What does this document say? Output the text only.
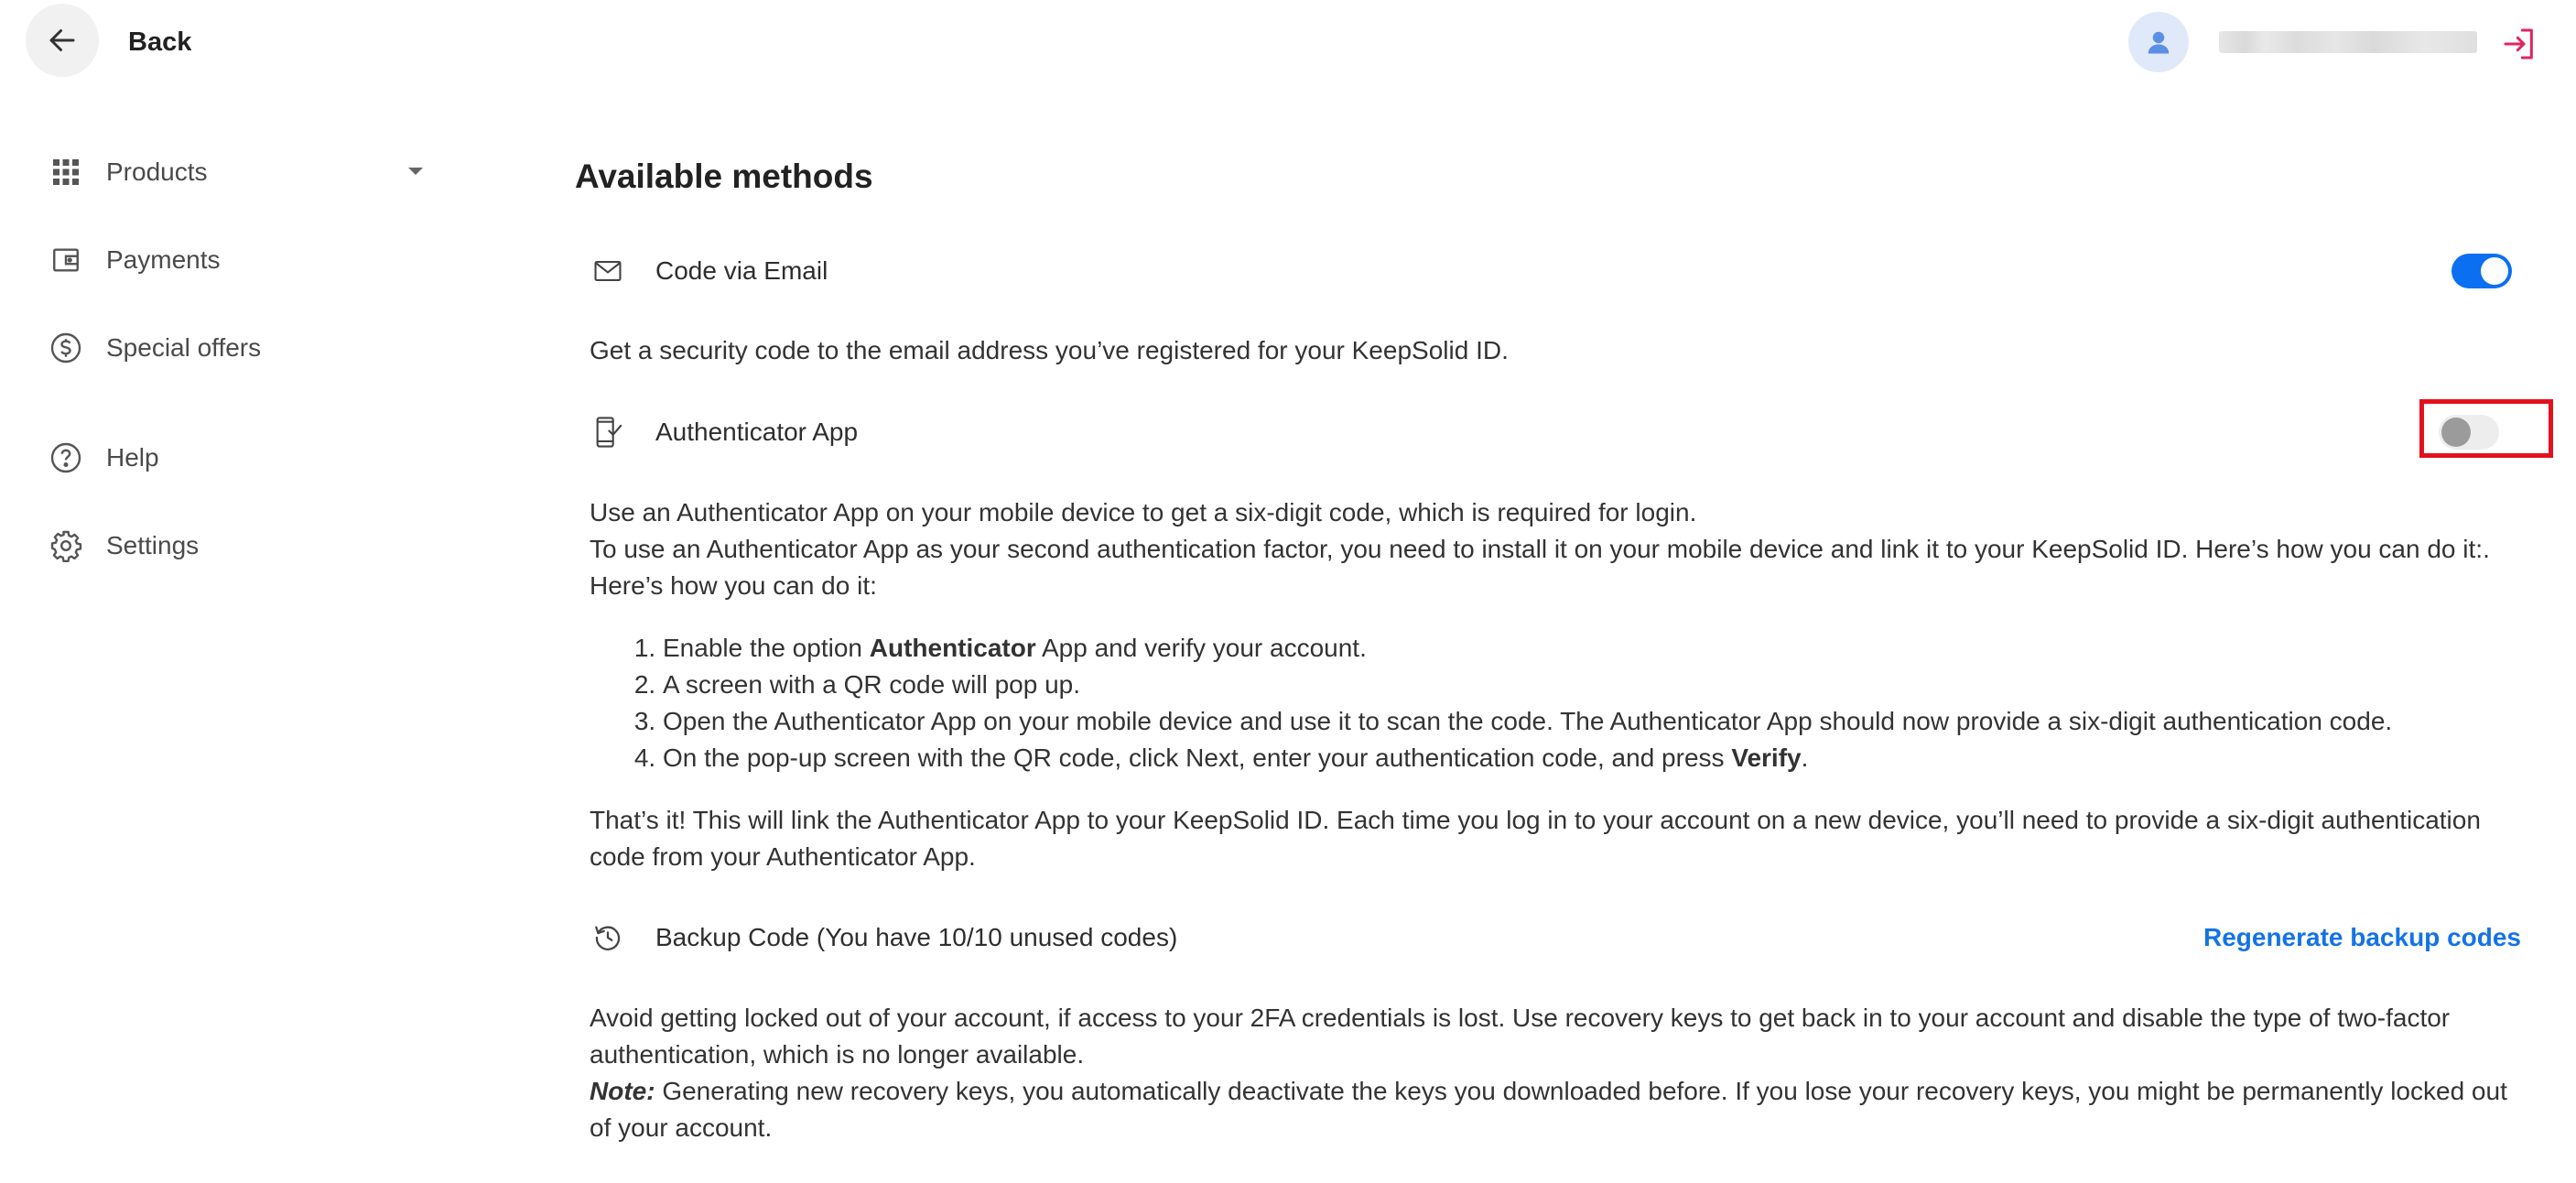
Back
Products
Payments
Special offers
Help
Settings
Available methods
Code via Email
Get a security code to the email address you’ve registered for your KeepSolid ID.
Authenticator App

Use an Authenticator App on your mobile device to get a six-digit code, which is required for login.

To use an Authenticator App as your second authentication factor, you need to install it on your mobile device and link it to your KeepSolid ID. Here’s how you can do it:.

Here’s how you can do it:

1. Enable the option Authenticator App and verify your account.
2. A screen with a QR code will pop up.
3. Open the Authenticator App on your mobile device and use it to scan the code. The Authenticator App should now provide a six-digit authentication code.
4. On the pop-up screen with the QR code, click Next, enter your authentication code, and press Verify.
That’s it! This will link the Authenticator App to your KeepSolid ID. Each time you log in to your account on a new device, you’ll need to provide a six-digit authentication code from your Authenticator App.
Backup Code (You have 10/10 unused codes)	Regenerate backup codes

Avoid getting locked out of your account, if access to your 2FA credentials is lost. Use recovery keys to get back in to your account and disable the type of two-factor authentication, which is no longer available.

Note: Generating new recovery keys, you automatically deactivate the keys you downloaded before. If you lose your recovery keys, you might be permanently locked out of your account.
